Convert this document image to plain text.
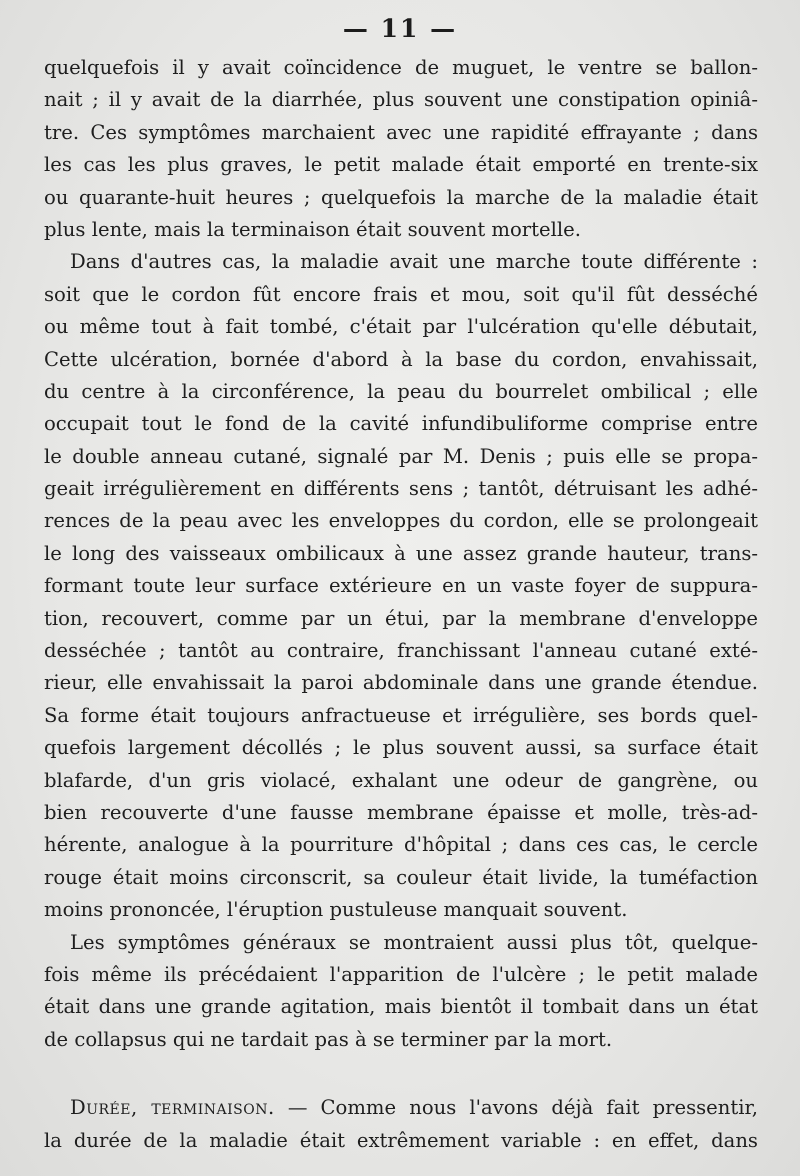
— 11 —
quelquefois il y avait coïncidence de muguet, le ventre se ballon-
nait ; il y avait de la diarrhée, plus souvent une constipation opiniâ-
tre. Ces symptômes marchaient avec une rapidité effrayante ; dans
les cas les plus graves, le petit malade était emporté en trente-six
ou quarante-huit heures ; quelquefois la marche de la maladie était
plus lente, mais la terminaison était souvent mortelle.
Dans d'autres cas, la maladie avait une marche toute différente :
soit que le cordon fût encore frais et mou, soit qu'il fût desséché
ou même tout à fait tombé, c'était par l'ulcération qu'elle débutait,
Cette ulcération, bornée d'abord à la base du cordon, envahissait,
du centre à la circonférence, la peau du bourrelet ombilical ; elle
occupait tout le fond de la cavité infundibuliforme comprise entre
le double anneau cutané, signalé par M. Denis ; puis elle se propa-
geait irrégulièrement en différents sens ; tantôt, détruisant les adhé-
rences de la peau avec les enveloppes du cordon, elle se prolongeait
le long des vaisseaux ombilicaux à une assez grande hauteur, trans-
formant toute leur surface extérieure en un vaste foyer de suppura-
tion, recouvert, comme par un étui, par la membrane d'enveloppe
desséchée ; tantôt au contraire, franchissant l'anneau cutané exté-
rieur, elle envahissait la paroi abdominale dans une grande étendue.
Sa forme était toujours anfractueuse et irrégulière, ses bords quel-
quefois largement décollés ; le plus souvent aussi, sa surface était
blafarde, d'un gris violacé, exhalant une odeur de gangrène, ou
bien recouverte d'une fausse membrane épaisse et molle, très-ad-
hérente, analogue à la pourriture d'hôpital ; dans ces cas, le cercle
rouge était moins circonscrit, sa couleur était livide, la tuméfaction
moins prononcée, l'éruption pustuleuse manquait souvent.
Les symptômes généraux se montraient aussi plus tôt, quelque-
fois même ils précédaient l'apparition de l'ulcère ; le petit malade
était dans une grande agitation, mais bientôt il tombait dans un état
de collapsus qui ne tardait pas à se terminer par la mort.
Durée, terminaison. — Comme nous l'avons déjà fait pressentir,
la durée de la maladie était extrêmement variable : en effet, dans
